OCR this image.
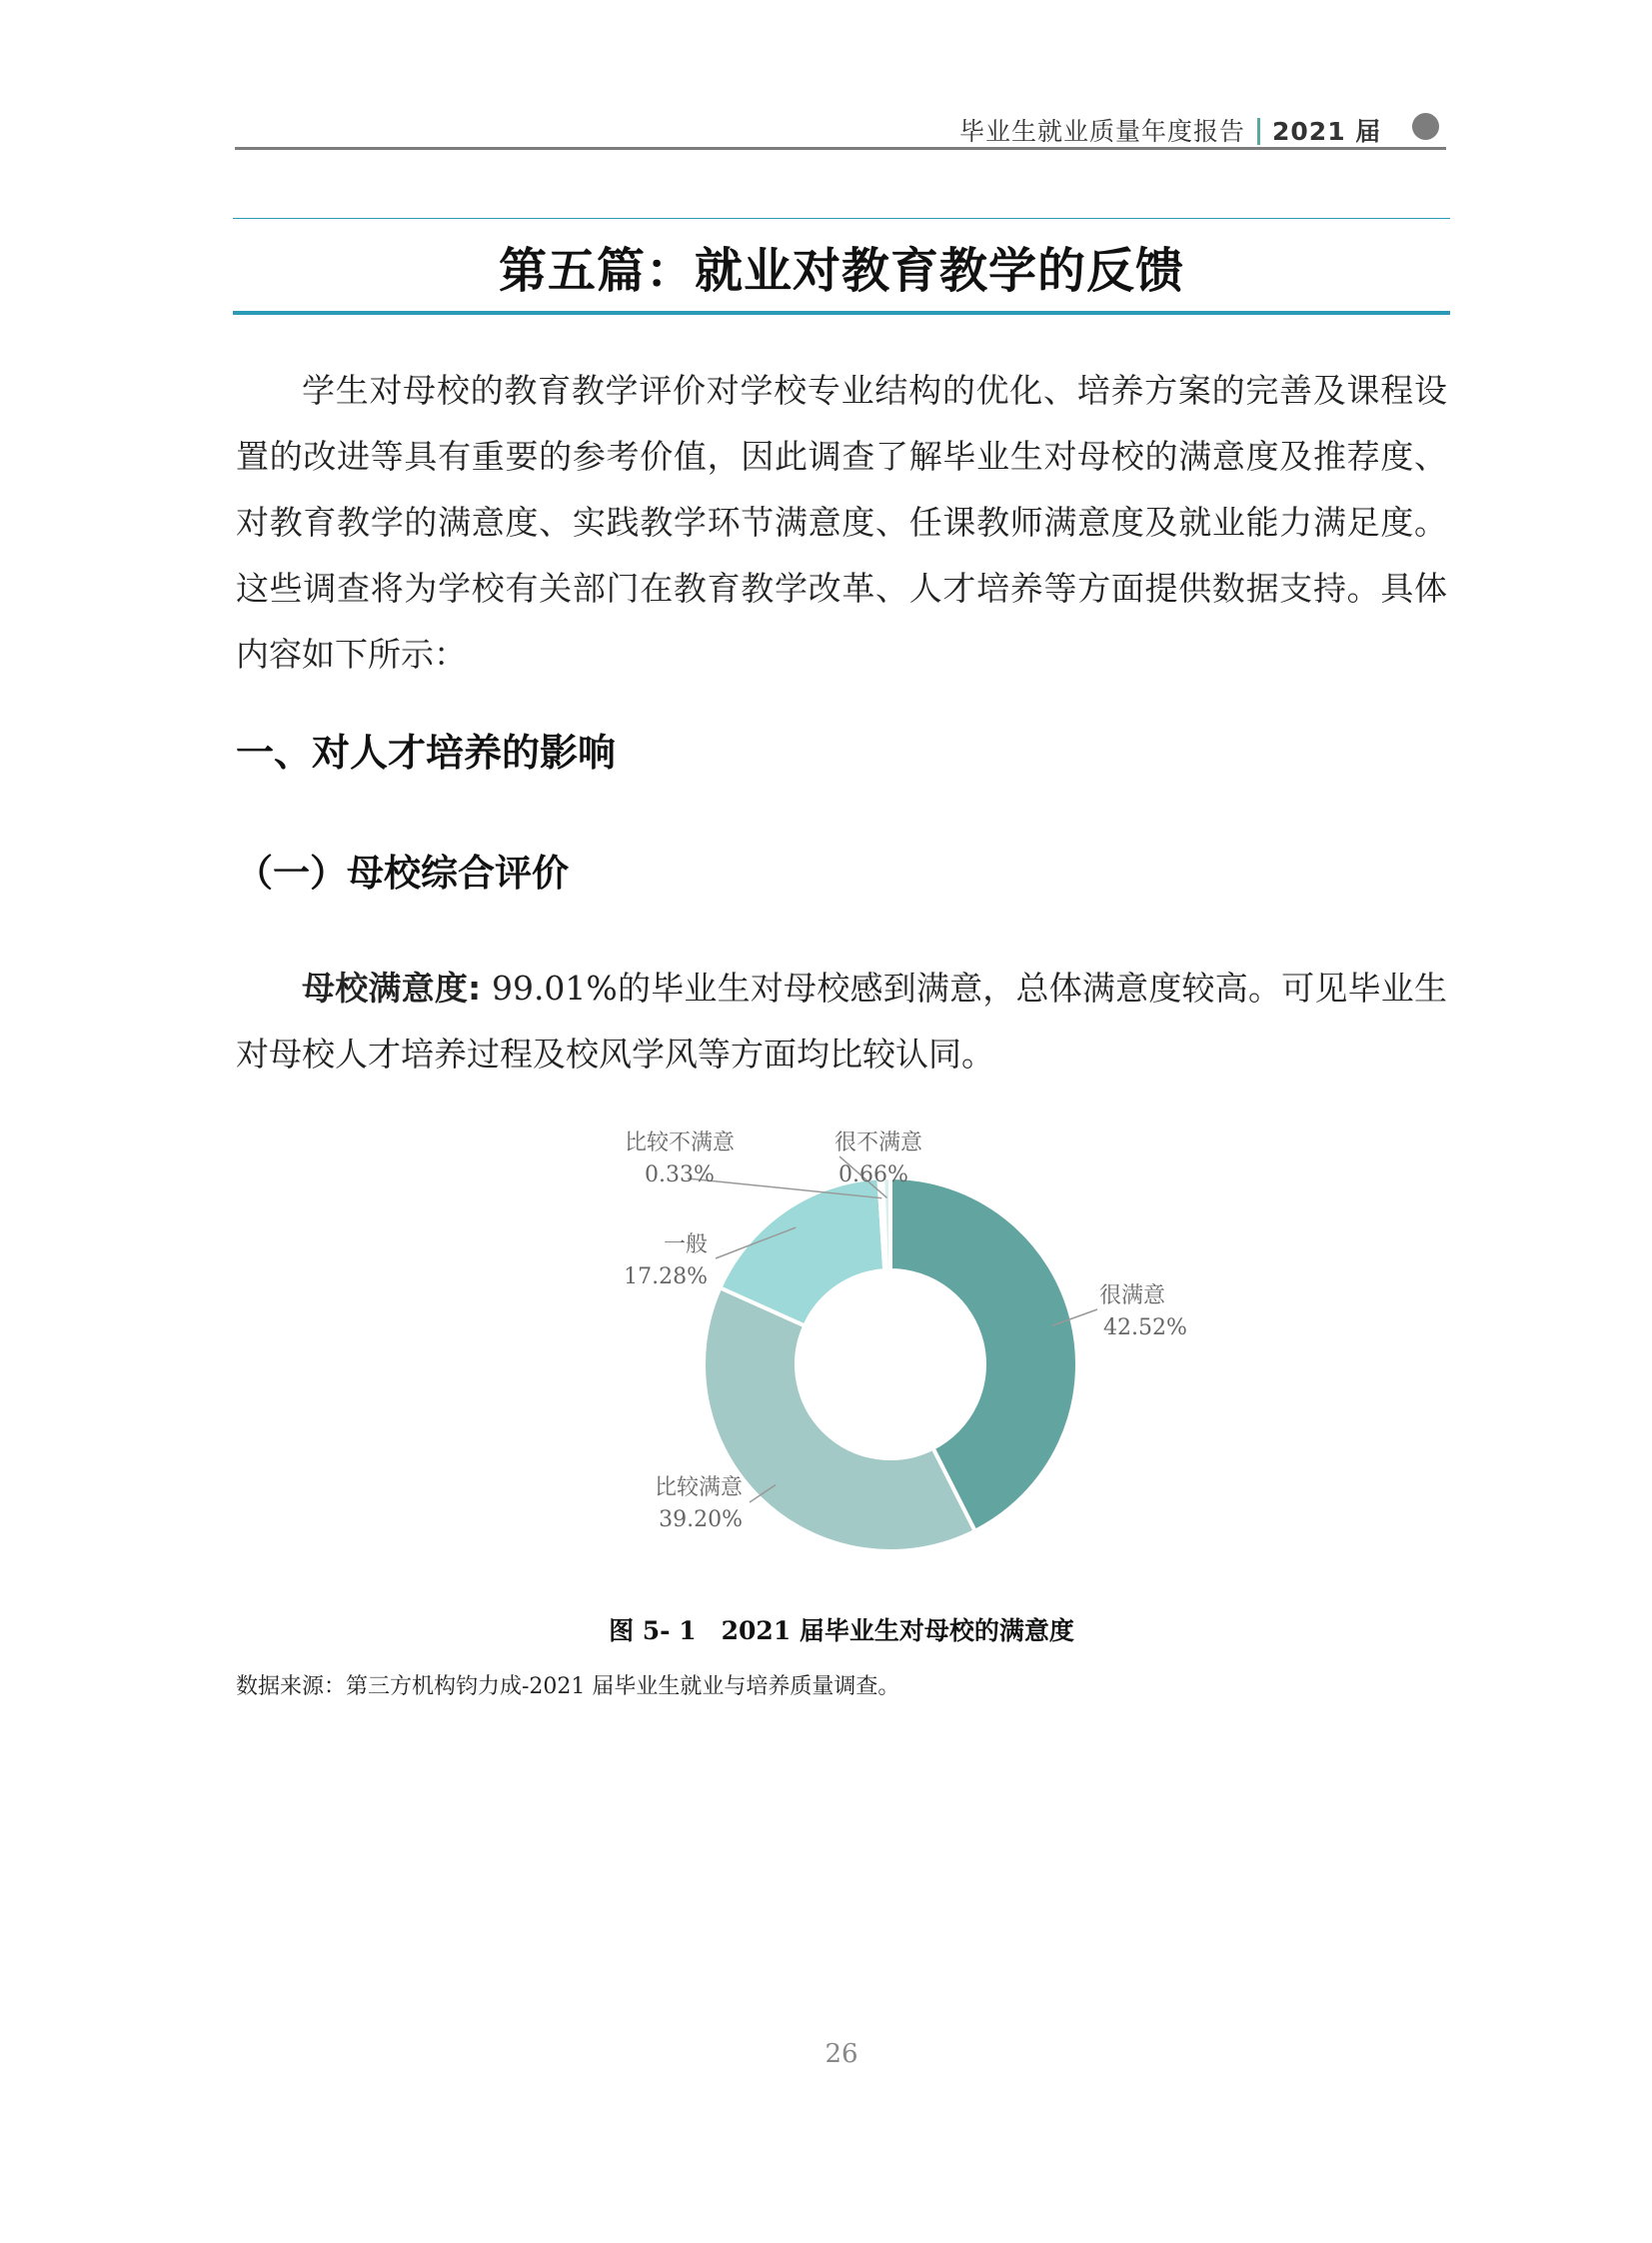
毕业生就业质量年度报告 2021 届
第五篇：就业对教育教学的反馈
学生对母校的教育教学评价对学校专业结构的优化、培养方案的完善及课程设置的改进等具有重要的参考价值，因此调查了解毕业生对母校的满意度及推荐度、对教育教学的满意度、实践教学环节满意度、任课教师满意度及就业能力满足度。这些调查将为学校有关部门在教育教学改革、人才培养等方面提供数据支持。具体内容如下所示：
一、对人才培养的影响
（一）母校综合评价
母校满意度: 99.01%的毕业生对母校感到满意，总体满意度较高。可见毕业生对母校人才培养过程及校风学风等方面均比较认同。
很满意
42.52%
比较满意
39.20%
一般
17.28%
比较不满意
0.33%
很不满意
0.66%
图 5- 1　2021 届毕业生对母校的满意度
数据来源：第三方机构钧力成-2021 届毕业生就业与培养质量调查。
26
